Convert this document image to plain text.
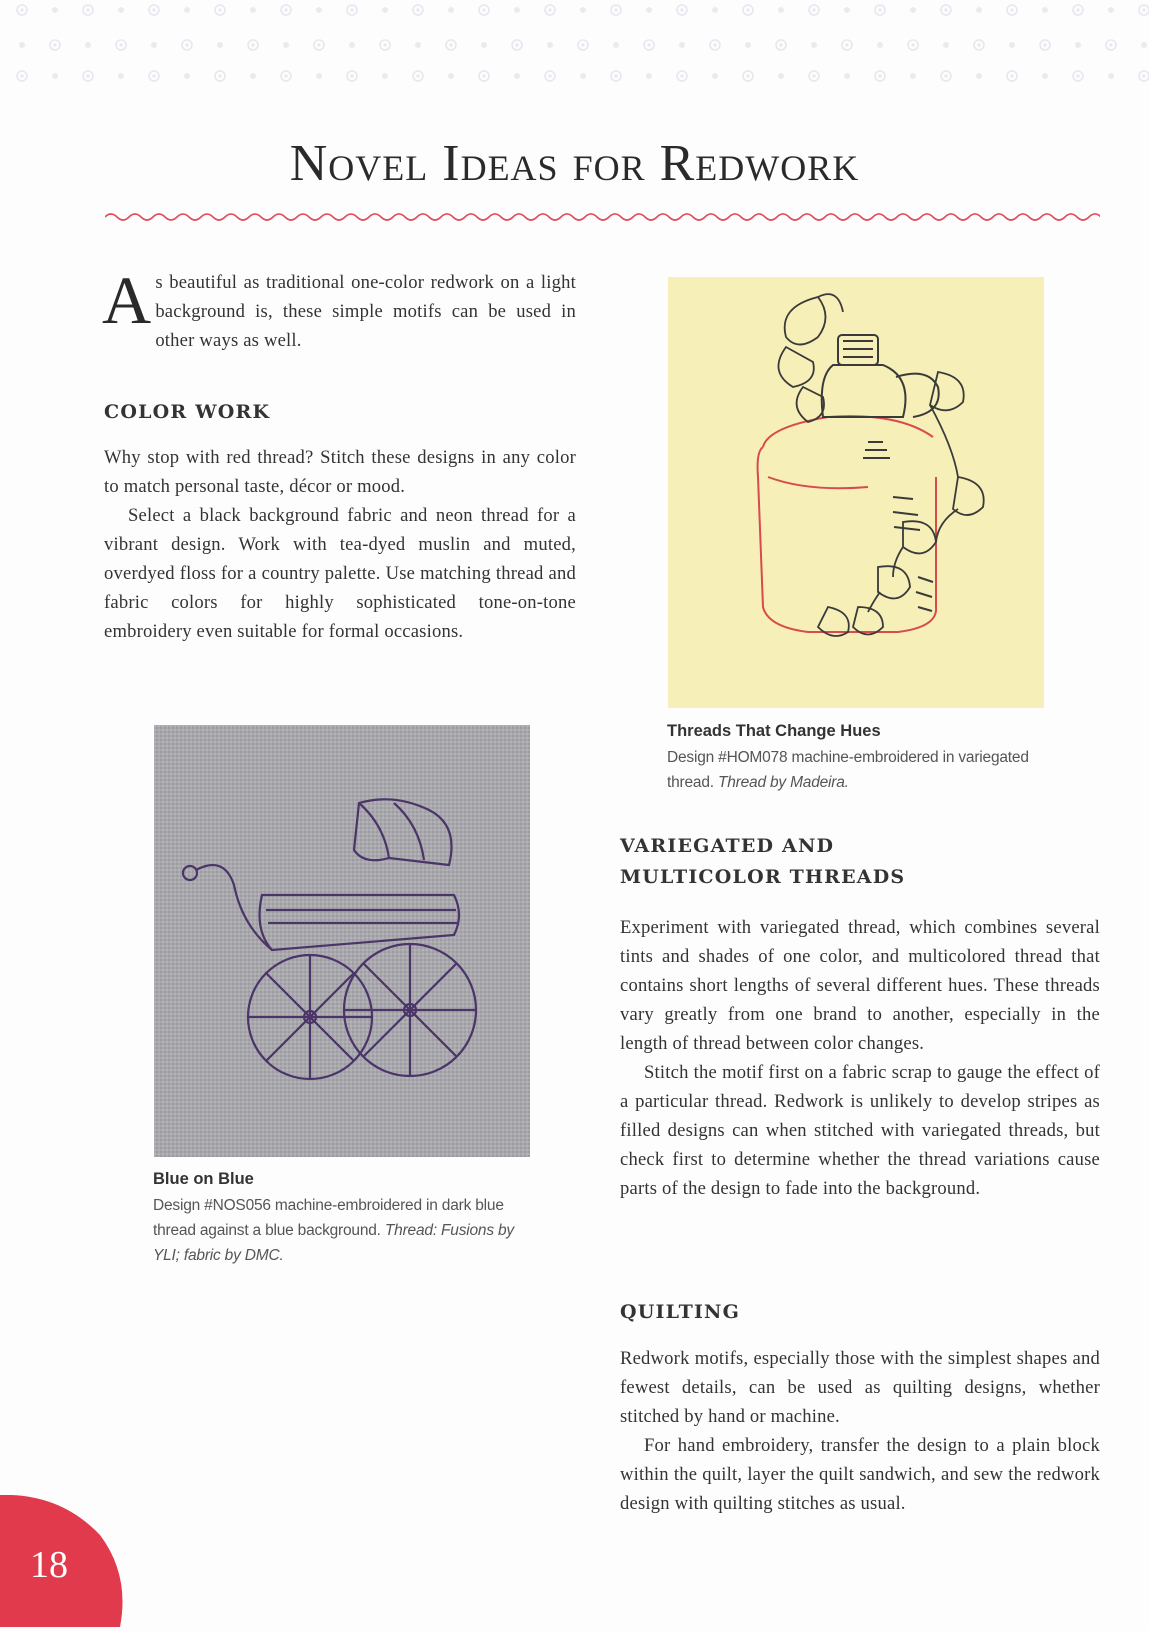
Novel Ideas for Redwork

As beautiful as traditional one-color redwork on a light background is, these simple motifs can be used in other ways as well.

COLOR WORK

Why stop with red thread? Stitch these designs in any color to match personal taste, décor or mood.

Select a black background fabric and neon thread for a vibrant design. Work with tea-dyed muslin and muted, overdyed floss for a country palette. Use matching thread and fabric colors for highly sophisticated tone-on-tone embroidery even suitable for formal occasions.

Threads That Change Hues

Design #HOM078 machine-embroidered in variegated thread. Thread by Madeira.

Blue on Blue

Design #NOS056 machine-embroidered in dark blue thread against a blue background. Thread: Fusions by YLI; fabric by DMC.

VARIEGATED AND
MULTICOLOR THREADS

Experiment with variegated thread, which combines several tints and shades of one color, and multicolored thread that contains short lengths of several different hues. These threads vary greatly from one brand to another, especially in the length of thread between color changes.

Stitch the motif first on a fabric scrap to gauge the effect of a particular thread. Redwork is unlikely to develop stripes as filled designs can when stitched with variegated threads, but check first to determine whether the thread variations cause parts of the design to fade into the background.

QUILTING

Redwork motifs, especially those with the simplest shapes and fewest details, can be used as quilting designs, whether stitched by hand or machine.

For hand embroidery, transfer the design to a plain block within the quilt, layer the quilt sandwich, and sew the redwork design with quilting stitches as usual.

18
